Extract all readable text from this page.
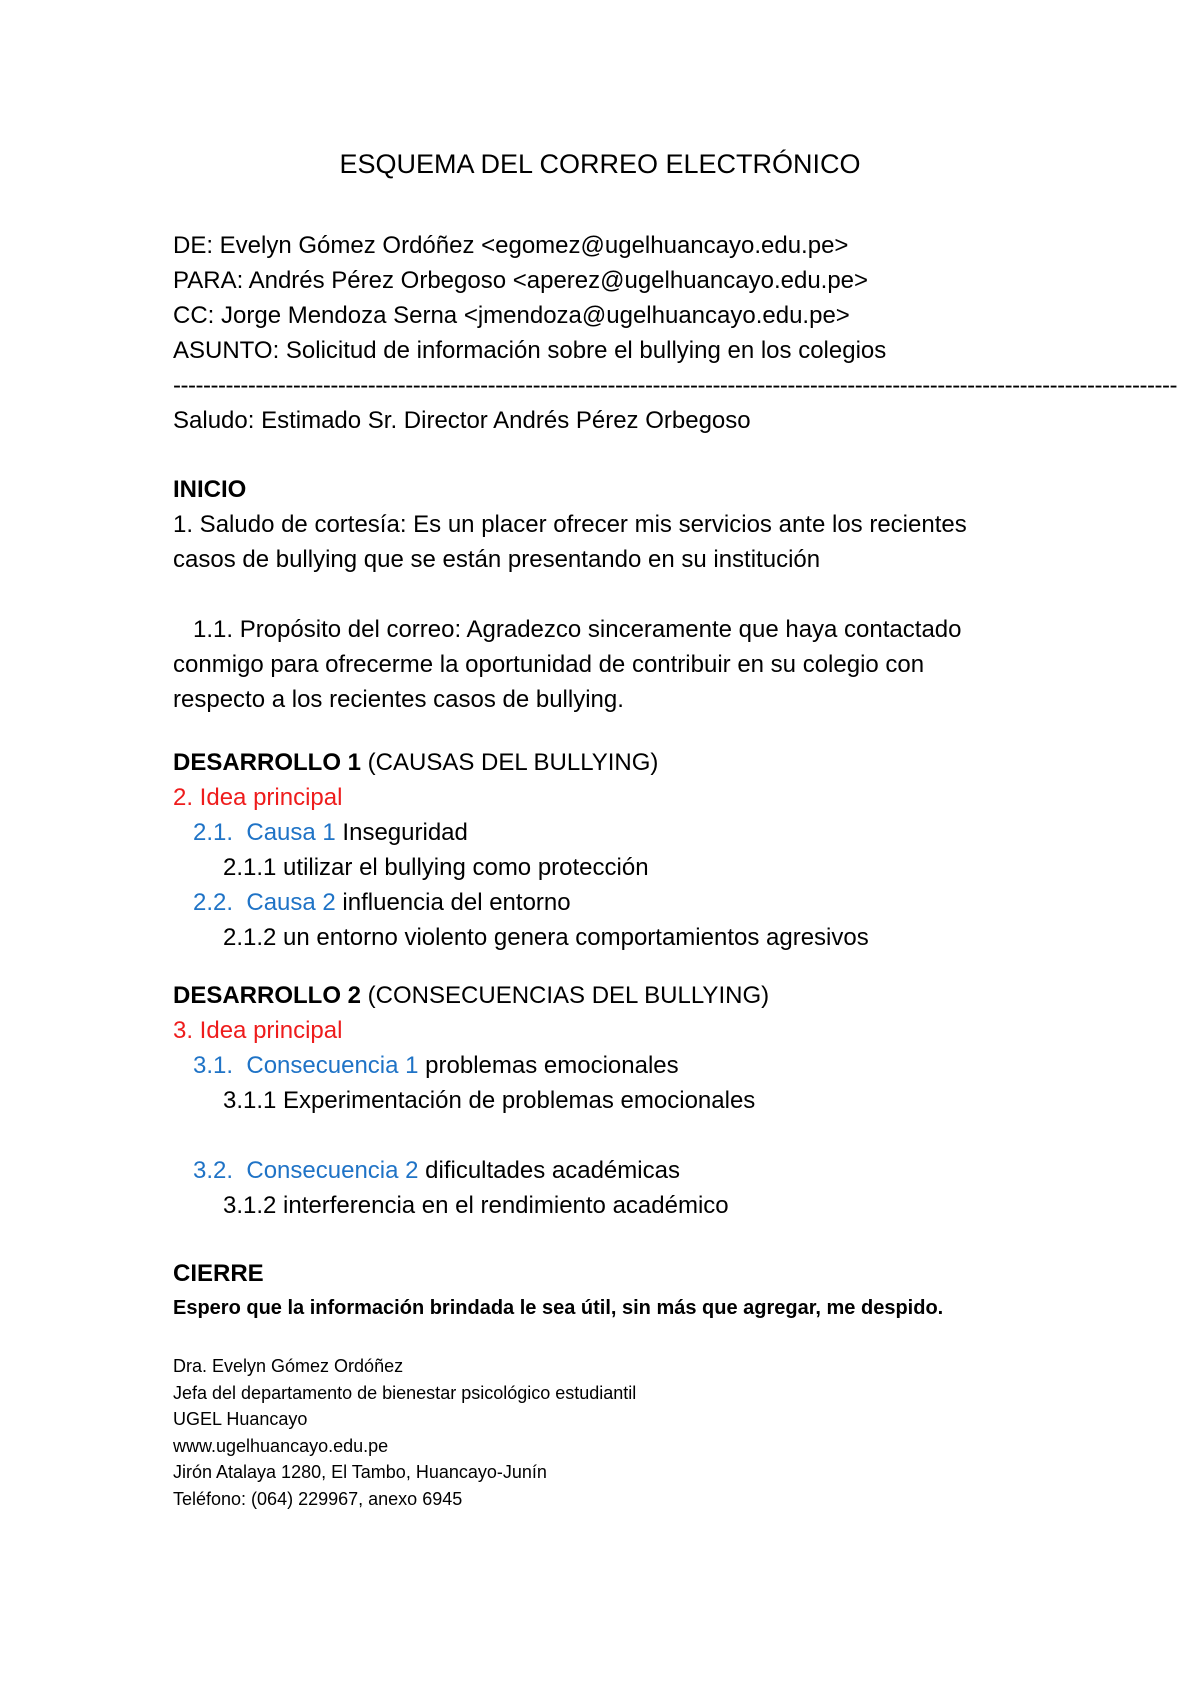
ESQUEMA DEL CORREO ELECTRÓNICO
DE: Evelyn Gómez Ordóñez <egomez@ugelhuancayo.edu.pe>
PARA: Andrés Pérez Orbegoso <aperez@ugelhuancayo.edu.pe>
CC: Jorge Mendoza Serna <jmendoza@ugelhuancayo.edu.pe>
ASUNTO: Solicitud de información sobre el bullying en los colegios
--------------------------------------------------------------------------------------------------------------------------------------
Saludo: Estimado Sr. Director Andrés Pérez Orbegoso
INICIO
1. Saludo de cortesía: Es un placer ofrecer mis servicios ante los recientes casos de bullying que se están presentando en su institución
1.1. Propósito del correo: Agradezco sinceramente que haya contactado conmigo para ofrecerme la oportunidad de contribuir en su colegio con respecto a los recientes casos de bullying.
DESARROLLO 1 (CAUSAS DEL BULLYING)
2. Idea principal
2.1.  Causa 1 Inseguridad
2.1.1 utilizar el bullying como protección
2.2.  Causa 2 influencia del entorno
2.1.2 un entorno violento genera comportamientos agresivos
DESARROLLO 2 (CONSECUENCIAS DEL BULLYING)
3. Idea principal
3.1.  Consecuencia 1 problemas emocionales
3.1.1 Experimentación de problemas emocionales
3.2.  Consecuencia 2 dificultades académicas
3.1.2 interferencia en el rendimiento académico
CIERRE
Espero que la información brindada le sea útil, sin más que agregar, me despido.
Dra. Evelyn Gómez Ordóñez
Jefa del departamento de bienestar psicológico estudiantil
UGEL Huancayo
www.ugelhuancayo.edu.pe
Jirón Atalaya 1280, El Tambo, Huancayo-Junín
Teléfono: (064) 229967, anexo 6945
